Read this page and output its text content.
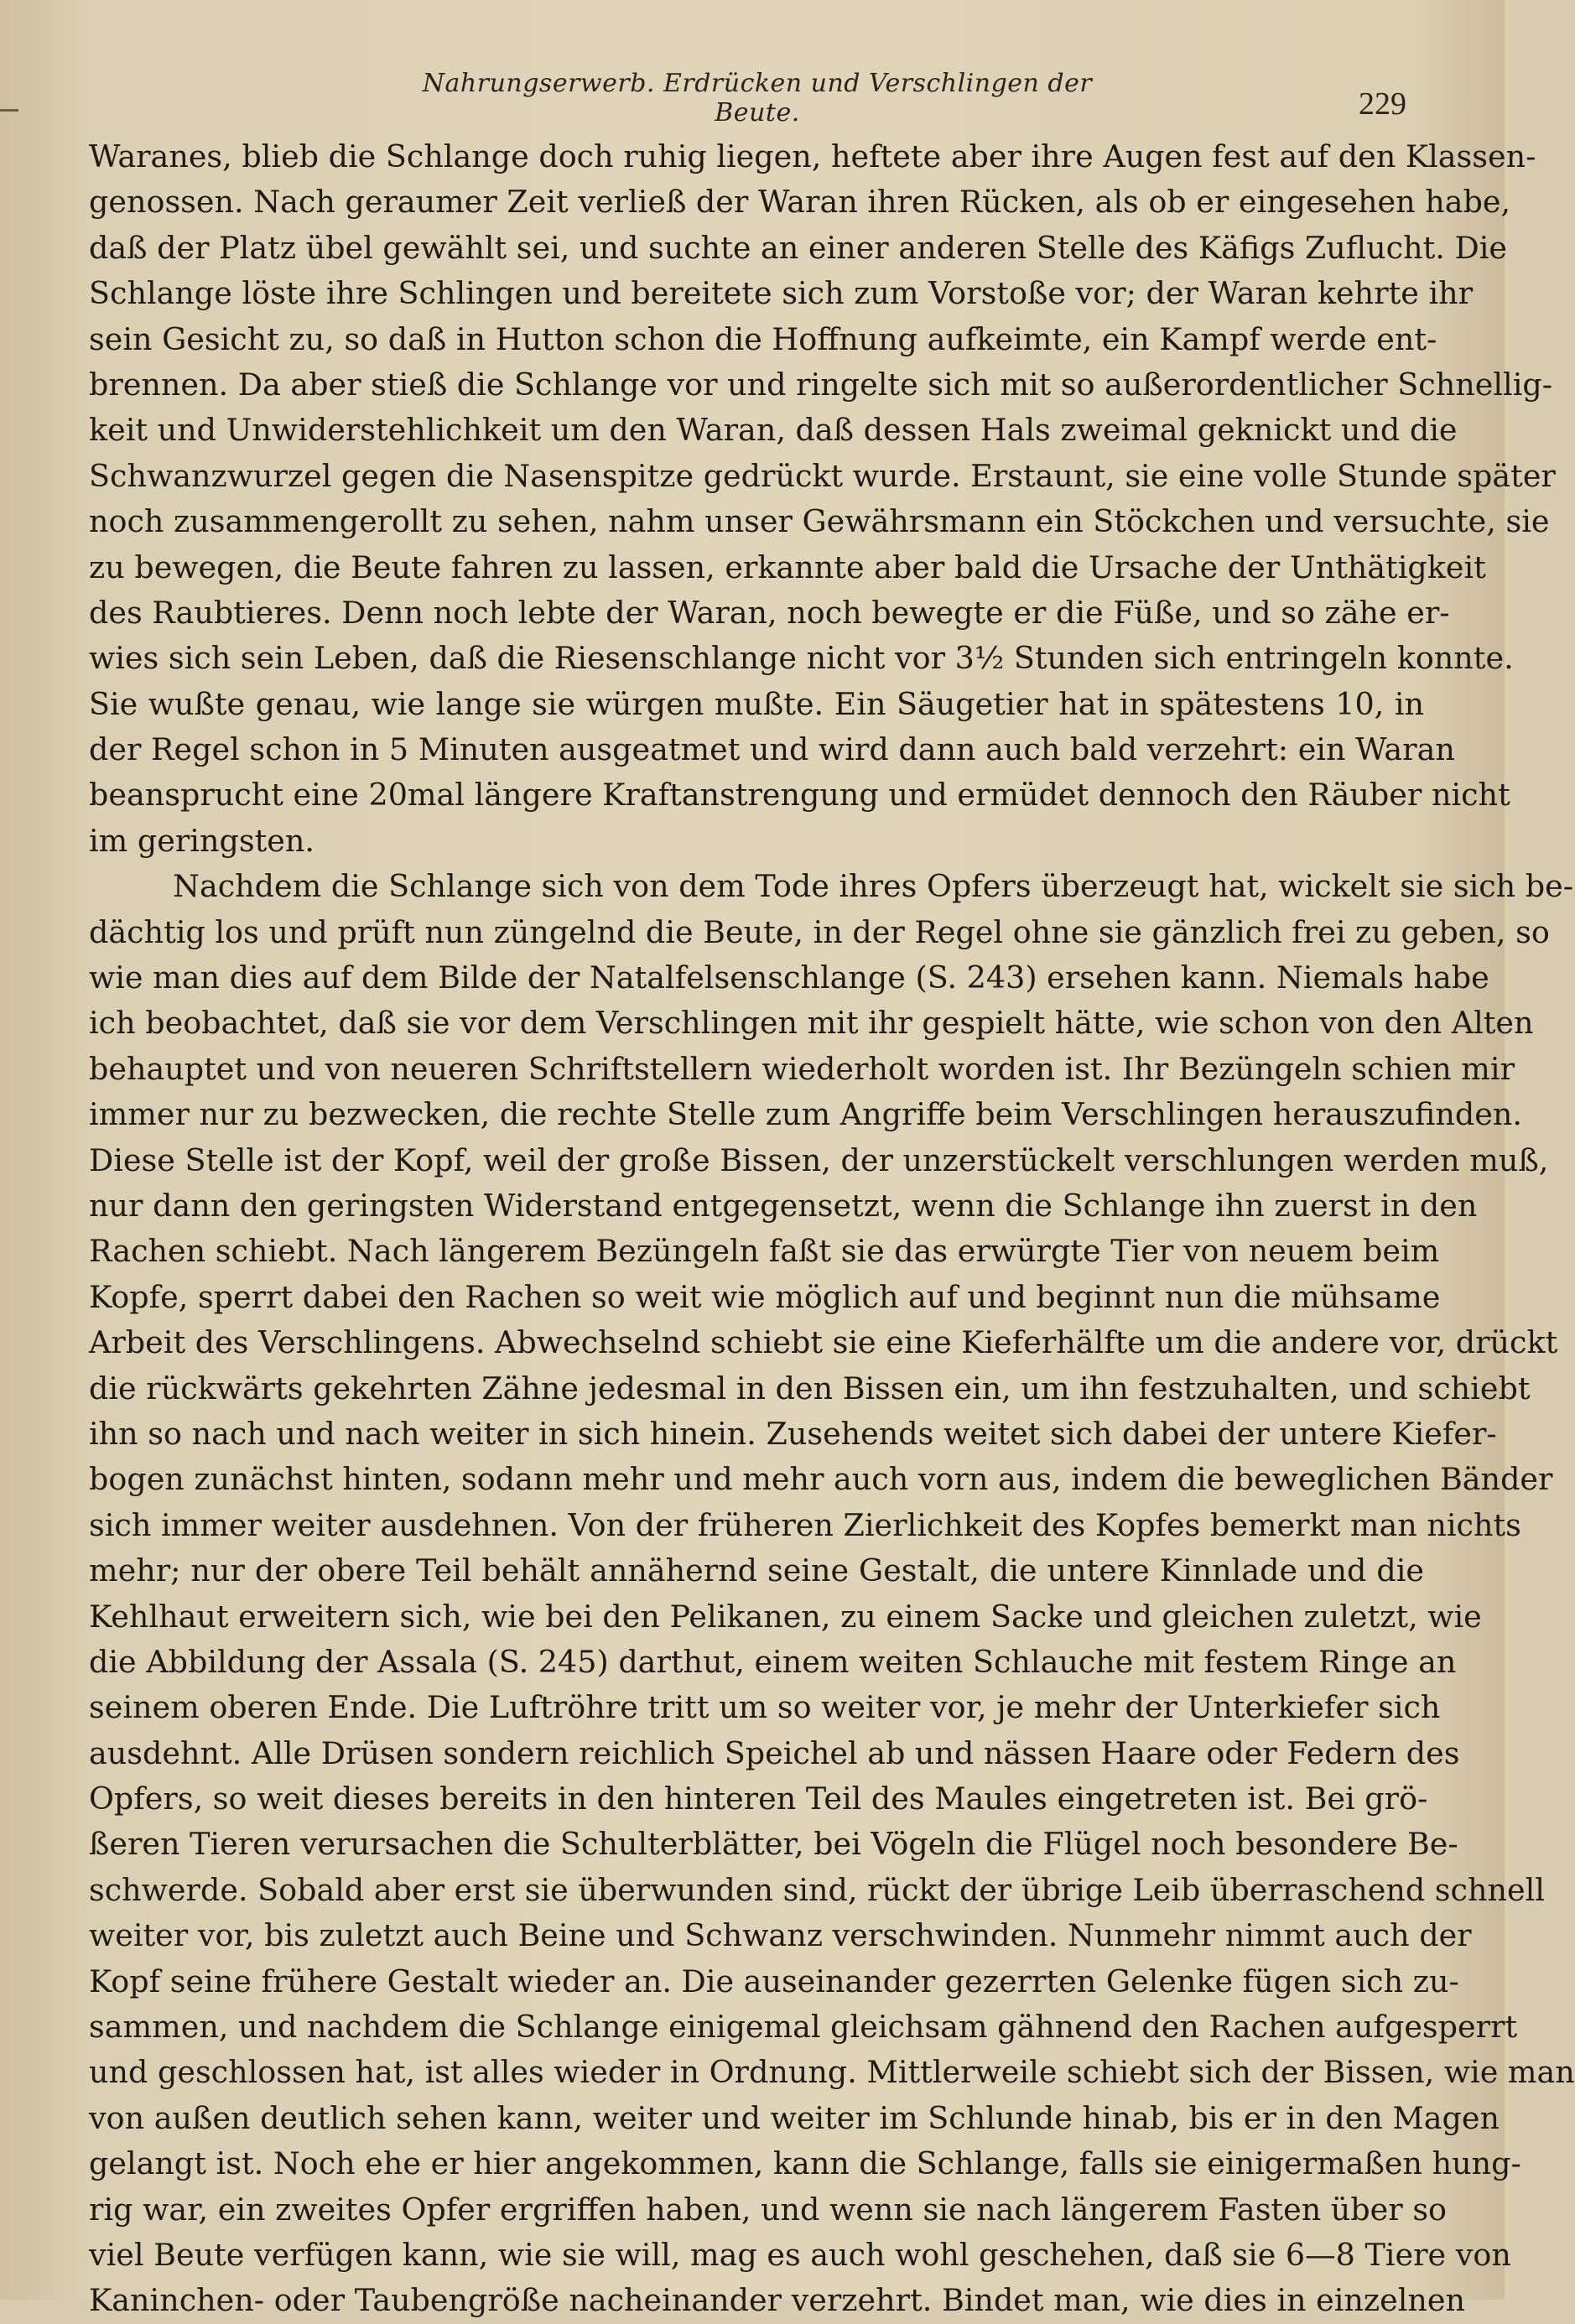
Nahrungserwerb. Erdrücken und Verschlingen der Beute.	229
Waranes, blieb die Schlange doch ruhig liegen, heftete aber ihre Augen fest auf den Klassen-
genossen. Nach geraumer Zeit verließ der Waran ihren Rücken, als ob er eingesehen habe,
daß der Platz übel gewählt sei, und suchte an einer anderen Stelle des Käfigs Zuflucht. Die
Schlange löste ihre Schlingen und bereitete sich zum Vorstoße vor; der Waran kehrte ihr
sein Gesicht zu, so daß in Hutton schon die Hoffnung aufkeimte, ein Kampf werde ent-
brennen. Da aber stieß die Schlange vor und ringelte sich mit so außerordentlicher Schnellig-
keit und Unwiderstehlichkeit um den Waran, daß dessen Hals zweimal geknickt und die
Schwanzwurzel gegen die Nasenspitze gedrückt wurde. Erstaunt, sie eine volle Stunde später
noch zusammengerollt zu sehen, nahm unser Gewährsmann ein Stöckchen und versuchte, sie
zu bewegen, die Beute fahren zu lassen, erkannte aber bald die Ursache der Unthätigkeit
des Raubtieres. Denn noch lebte der Waran, noch bewegte er die Füße, und so zähe er-
wies sich sein Leben, daß die Riesenschlange nicht vor 3½ Stunden sich entringeln konnte.
Sie wußte genau, wie lange sie würgen mußte. Ein Säugetier hat in spätestens 10, in
der Regel schon in 5 Minuten ausgeatmet und wird dann auch bald verzehrt: ein Waran
beansprucht eine 20mal längere Kraftanstrengung und ermüdet dennoch den Räuber nicht
im geringsten.
Nachdem die Schlange sich von dem Tode ihres Opfers überzeugt hat, wickelt sie sich be-
dächtig los und prüft nun züngelnd die Beute, in der Regel ohne sie gänzlich frei zu geben, so
wie man dies auf dem Bilde der Natalfelsenschlange (S. 243) ersehen kann. Niemals habe
ich beobachtet, daß sie vor dem Verschlingen mit ihr gespielt hätte, wie schon von den Alten
behauptet und von neueren Schriftstellern wiederholt worden ist. Ihr Bezüngeln schien mir
immer nur zu bezwecken, die rechte Stelle zum Angriffe beim Verschlingen herauszufinden.
Diese Stelle ist der Kopf, weil der große Bissen, der unzerstückelt verschlungen werden muß,
nur dann den geringsten Widerstand entgegensetzt, wenn die Schlange ihn zuerst in den
Rachen schiebt. Nach längerem Bezüngeln faßt sie das erwürgte Tier von neuem beim
Kopfe, sperrt dabei den Rachen so weit wie möglich auf und beginnt nun die mühsame
Arbeit des Verschlingens. Abwechselnd schiebt sie eine Kieferhälfte um die andere vor, drückt
die rückwärts gekehrten Zähne jedesmal in den Bissen ein, um ihn festzuhalten, und schiebt
ihn so nach und nach weiter in sich hinein. Zusehends weitet sich dabei der untere Kiefer-
bogen zunächst hinten, sodann mehr und mehr auch vorn aus, indem die beweglichen Bänder
sich immer weiter ausdehnen. Von der früheren Zierlichkeit des Kopfes bemerkt man nichts
mehr; nur der obere Teil behält annähernd seine Gestalt, die untere Kinnlade und die
Kehlhaut erweitern sich, wie bei den Pelikanen, zu einem Sacke und gleichen zuletzt, wie
die Abbildung der Assala (S. 245) darthut, einem weiten Schlauche mit festem Ringe an
seinem oberen Ende. Die Luftröhre tritt um so weiter vor, je mehr der Unterkiefer sich
ausdehnt. Alle Drüsen sondern reichlich Speichel ab und nässen Haare oder Federn des
Opfers, so weit dieses bereits in den hinteren Teil des Maules eingetreten ist. Bei grö-
ßeren Tieren verursachen die Schulterblätter, bei Vögeln die Flügel noch besondere Be-
schwerde. Sobald aber erst sie überwunden sind, rückt der übrige Leib überraschend schnell
weiter vor, bis zuletzt auch Beine und Schwanz verschwinden. Nunmehr nimmt auch der
Kopf seine frühere Gestalt wieder an. Die auseinander gezerrten Gelenke fügen sich zu-
sammen, und nachdem die Schlange einigemal gleichsam gähnend den Rachen aufgesperrt
und geschlossen hat, ist alles wieder in Ordnung. Mittlerweile schiebt sich der Bissen, wie man
von außen deutlich sehen kann, weiter und weiter im Schlunde hinab, bis er in den Magen
gelangt ist. Noch ehe er hier angekommen, kann die Schlange, falls sie einigermaßen hung-
rig war, ein zweites Opfer ergriffen haben, und wenn sie nach längerem Fasten über so
viel Beute verfügen kann, wie sie will, mag es auch wohl geschehen, daß sie 6—8 Tiere von
Kaninchen- oder Taubengröße nacheinander verzehrt. Bindet man, wie dies in einzelnen
